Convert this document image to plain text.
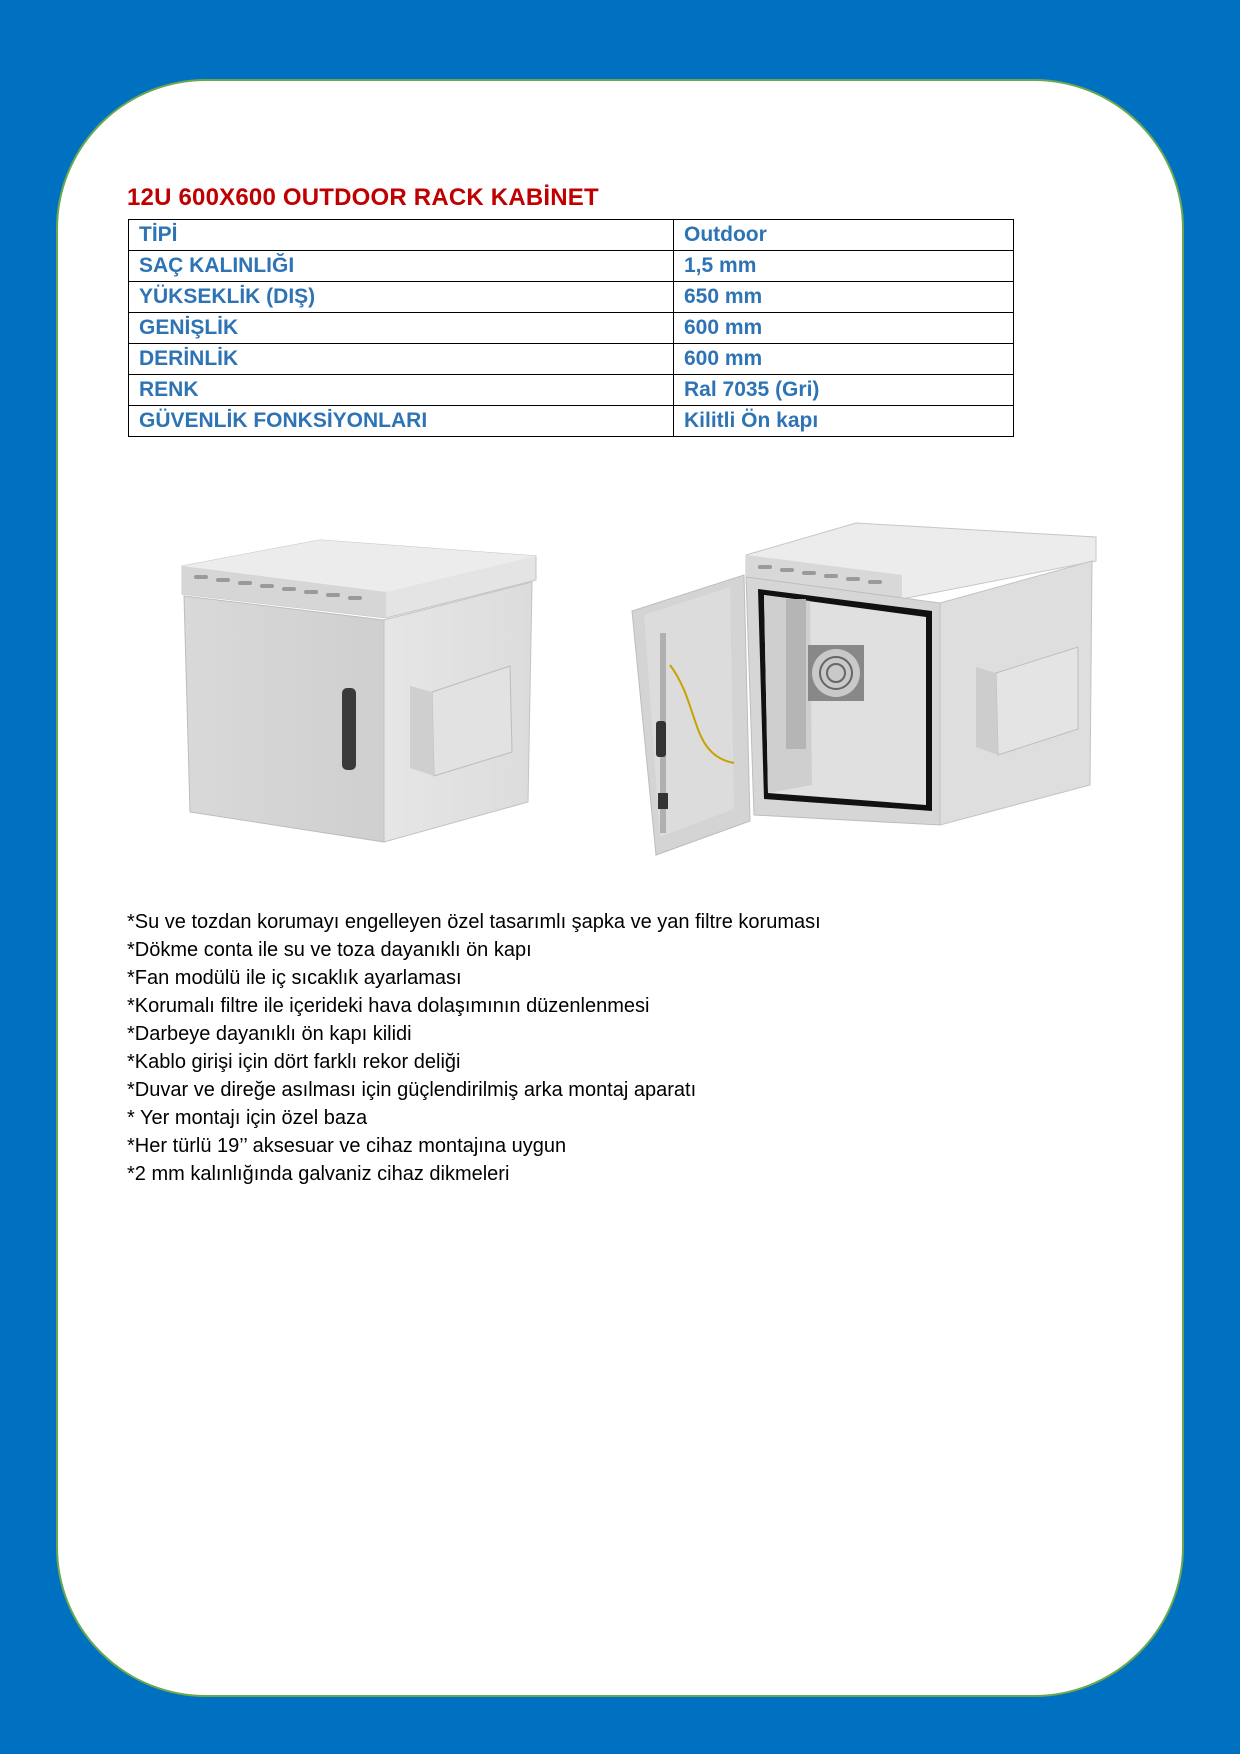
12U 600X600 OUTDOOR RACK KABİNET
TİPİ	Outdoor
SAÇ KALINLIĞI	1,5 mm
YÜKSEKLİK (DIŞ)	650 mm
GENİŞLİK	600 mm
DERİNLİK	600 mm
RENK	Ral 7035 (Gri)
GÜVENLİK FONKSİYONLARI	Kilitli Ön kapı
*Su ve tozdan korumayı engelleyen özel tasarımlı şapka ve yan filtre koruması
*Dökme conta ile su ve toza dayanıklı ön kapı
*Fan modülü ile iç sıcaklık ayarlaması
*Korumalı filtre ile içerideki hava dolaşımının düzenlenmesi
*Darbeye dayanıklı ön kapı kilidi
*Kablo girişi için dört farklı rekor deliği
*Duvar ve direğe asılması için güçlendirilmiş arka montaj aparatı
* Yer montajı için özel baza
*Her türlü 19’’ aksesuar ve cihaz montajına uygun
*2 mm kalınlığında galvaniz cihaz dikmeleri
